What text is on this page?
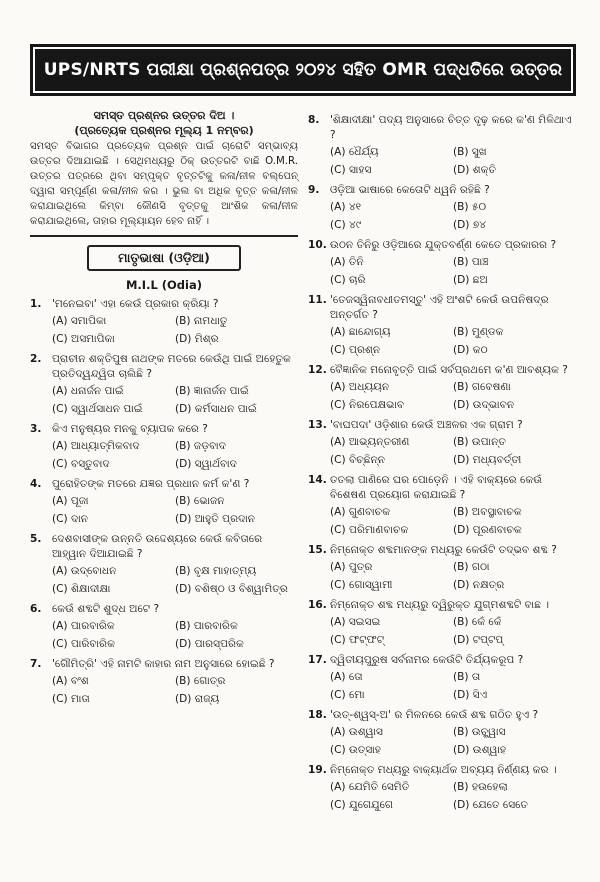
UPS/NRTS ପରୀକ୍ଷା ପ୍ରଶ୍ନପତ୍ର ୨୦୨୪ ସହିତ OMR ପଦ୍ଧତିରେ ଉତ୍ତର
ସମସ୍ତ ପ୍ରଶ୍ନର ଉତ୍ତର ଦିଅ ।
(ପ୍ରତ୍ୟେକ ପ୍ରଶ୍ନର ମୂଲ୍ୟ 1 ନମ୍ବର)
ସମସ୍ତ ବିଭାଗର ପ୍ରତ୍ୟେକ ପ୍ରଶ୍ନ ପାଇଁ ଚାରୋଟି ସମ୍ଭାବ୍ୟ ଉତ୍ତର ଦିଆଯାଇଛି । ସେଥିମଧ୍ୟରୁ ଠିକ୍ ଉତ୍ତରଟି ବାଛି O.M.R. ଉତ୍ତର ପତ୍ରରେ ଥିବା ସମ୍ପୃକ୍ତ ବୃତ୍ତଟିକୁ କଳା/ନୀଳ ବଲ୍‌ପେନ୍ ଦ୍ୱାରା ସମ୍ପୂର୍ଣ୍ଣ କଳା/ନୀଳ କର । ଭୁଲ ବା ଅଧିକ ବୃତ୍ତ କଳା/ନୀଳ କରାଯାଇଥିଲେ କିମ୍ବା କୌଣସି ବୃତ୍ତକୁ ଆଂଶିକ କଳା/ନୀଳ କରାଯାଇଥିଲେ, ତାହାର ମୂଲ୍ୟାୟନ ହେବ ନାହିଁ ।
ମାତୃଭାଷା (ଓଡ଼ିଆ)
M.I.L (Odia)
1. 'ମନେଇବା' ଏହା କେଉଁ ପ୍ରକାର କ୍ରିୟା ?
(A) ସମାପିକା	(B) ନାମଧାତୁ
(C) ଅସମାପିକା	(D) ମିଶ୍ର
2. ପ୍ରାଚୀନ ଶକ୍ତିପୁଷ ନାଥଙ୍କ ମତରେ କେଉଁଥି ପାଇଁ ଅହେତୁକ ପ୍ରତିଦ୍ୱନ୍ଦ୍ୱିତା ଚାଲିଛି ?
(A) ଧନାର୍ଜନ ପାଇଁ	(B) ଜ୍ଞାନାର୍ଜନ ପାଇଁ
(C) ସ୍ୱାର୍ଥସାଧନ ପାଇଁ	(D) କର୍ମସାଧନ ପାଇଁ
3. କିଏ ମନୁଷ୍ୟର ମନକୁ ବ୍ୟାପକ କରେ ?
(A) ଆଧ୍ୟାତ୍ମିକବାଦ	(B) ଜଡ଼ବାଦ
(C) ବସ୍ତୁବାଦ	(D) ସ୍ୱାର୍ଥବାଦ
4. ପୁରୋହିତଙ୍କ ମତରେ ଯଜ୍ଞର ପ୍ରଧାନ କର୍ମ କ'ଣ ?
(A) ପୂଜା	(B) ଭୋଜନ
(C) ଦାନ	(D) ଆହୁତି ପ୍ରଦାନ
5. ଦେଶବାସୀଙ୍କ ଉନ୍ନତି ଉଦ୍ଦେଶ୍ୟରେ କେଉଁ କବିତାରେ ଆହ୍ୱାନ ଦିଆଯାଇଛି ?
(A) ଉଦ୍‌ବୋଧନ	(B) ବୃକ୍ଷ ମାହାତ୍ମ୍ୟ
(C) ଶିକ୍ଷାଦୀକ୍ଷା	(D) ବଶିଷ୍ଠ ଓ ବିଶ୍ୱାମିତ୍ର
6. କେଉଁ ଶବ୍ଦଟି ଶୁଦ୍ଧ ଅଟେ ?
(A) ପାରବାରିକ	(B) ପାରବାରିକ
(C) ପାରିବାରିକ	(D) ପାରସ୍ପରିକ
7. 'ଗୌମିତ୍ରି' ଏହି ନାମଟି କାହାର ନାମ ଅନୁସାରେ ହୋଇଛି ?
(A) ବଂଶ	(B) ଗୋତ୍ର
(C) ମାତା	(D) ରାଜ୍ୟ
8. 'ଶିକ୍ଷାଦୀକ୍ଷା' ପଦ୍ୟ ଅନୁସାରେ ଚିତ୍ତ ଦୃଢ଼ କରେ କ'ଣ ମିଳିଥାଏ ?
(A) ଧୈର୍ଯ୍ୟ	(B) ସୁଖ
(C) ସାହସ	(D) ଶକ୍ତି
9. ଓଡ଼ିଆ ଭାଷାରେ କେତୋଟି ଧ୍ୱନି ରହିଛି ?
(A) ୪୧	(B) ୫୦
(C) ୪୯	(D) ୭୪
10. ଉଠନ ତିନିରୁ ଓଡ଼ିଆରେ ଯୁକ୍ତବର୍ଣ୍ଣ କେତେ ପ୍ରକାରର ?
(A) ତିନି	(B) ପାଞ୍ଚ
(C) ଚାରି	(D) ଛଅ
11. 'ତେଜସ୍ୱିନାବଧୀତମସ୍ତୁ' ଏହି ଅଂଶଟି କେଉଁ ଉପନିଷଦ୍‌ର ଅନ୍ତର୍ଗତ ?
(A) ଛାନ୍ଦୋଗ୍ୟ	(B) ମୁଣ୍ଡକ
(C) ପ୍ରଶ୍ନ	(D) କଠ
12. ବୈଜ୍ଞାନିକ ମନୋବୃତ୍ତି ପାଇଁ ସର୍ବପ୍ରଥମେ କ'ଣ ଆବଶ୍ୟକ ?
(A) ଅଧ୍ୟୟନ	(B) ଗବେଷଣା
(C) ନିରପେକ୍ଷଭାବ	(D) ଉଦ୍‌ଭାବନ
13. 'ବାଘପଦା' ଓଡ଼ିଶାର କେଉଁ ଅଞ୍ଚଳର ଏକ ଗ୍ରାମ ?
(A) ଆଭ୍ୟନ୍ତରୀଣ	(B) ଉପାନ୍ତ
(C) ବିଚ୍ଛିନ୍ନ	(D) ମଧ୍ୟବର୍ତ୍ତୀ
14. ତତଲା ପାଣିରେ ଘର ପୋଡ଼େନି । ଏହି ବାକ୍ୟରେ କେଉଁ ବିଶେଷଣ ପ୍ରୟୋଗ କରାଯାଇଛି ?
(A) ଗୁଣବାଚକ	(B) ଅବସ୍ଥାବାଚକ
(C) ପରିମାଣବାଚକ	(D) ପୂରଣବାଚକ
15. ନିମ୍ନୋକ୍ତ ଶବ୍ଦମାନଙ୍କ ମଧ୍ୟରୁ କେଉଁଟି ତଦ୍ଭବ ଶବ୍ଦ ?
(A) ପୁତ୍ର	(B) ଗଠା
(C) ଗୋସ୍ୱାମୀ	(D) ନକ୍ଷତ୍ର
16. ନିମ୍ନୋକ୍ତ ଶବ୍ଦ ମଧ୍ୟରୁ ଦ୍ୱିରୁକ୍ତ ଯୁଗ୍ମଶବ୍ଦଟି ବାଛ ।
(A) ସଇସଇ	(B) କେଁ କେଁ
(C) ଫଟ୍‌ଫଟ୍	(D) ଟପ୍‌ଟପ୍
17. ଦ୍ୱିତୀୟପୁରୁଷ ସର୍ବନାମର କେଉଁଟି ତିର୍ଯ୍ୟକରୂପ ?
(A) ତୋ	(B) ତା
(C) ମୋ	(D) ସିଏ
18. 'ଉତ୍-ଶ୍ୱସ୍-ଅ' ର ମିଳନରେ କେଉଁ ଶବ୍ଦ ଗଠିତ ହୁଏ ?
(A) ଉଶ୍ୱାସ	(B) ଉଚ୍ଛ୍ୱାସ
(C) ଉତ୍ସାହ	(D) ଉଶ୍ୱାହ
19. ନିମ୍ନୋକ୍ତ ମଧ୍ୟରୁ ବାକ୍ୟାର୍ଥକ ଅବ୍ୟୟ ନିର୍ଣ୍ଣୟ କର ।
(A) ଯେମିତି ସେମିତି	(B) ହଉହେଲା
(C) ଯୁଗେଯୁଗେ	(D) ଯେତେ ସେତେ
